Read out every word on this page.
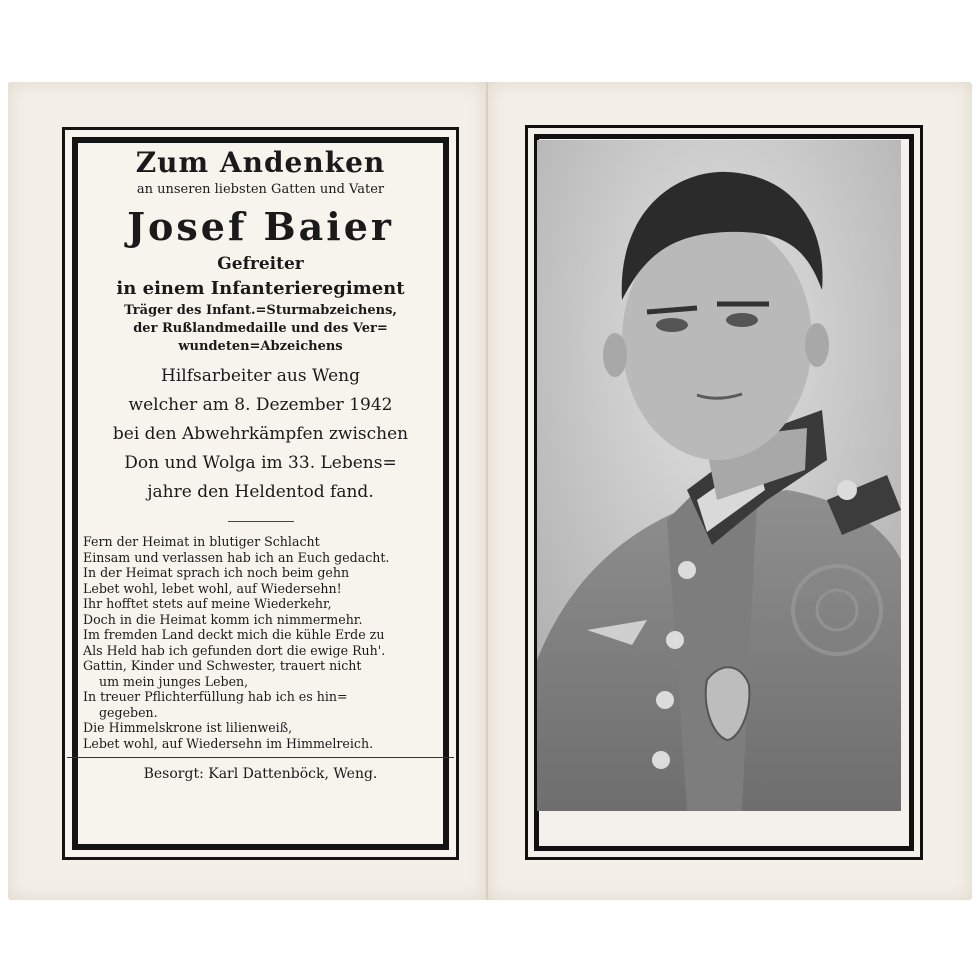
Zum Andenken

an unseren liebsten Gatten und Vater

Josef Baier

Gefreiter

in einem Infanterieregiment

Träger des Infant.=Sturmabzeichens,

der Rußlandmedaille und des Ver=

wundeten=Abzeichens

Hilfsarbeiter aus Weng

welcher am 8. Dezember 1942

bei den Abwehrkämpfen zwischen

Don und Wolga im 33. Lebens=

jahre den Heldentod fand.

Fern der Heimat in blutiger Schlacht
Einsam und verlassen hab ich an Euch gedacht.
In der Heimat sprach ich noch beim gehn
Lebet wohl, lebet wohl, auf Wiedersehn!
Ihr hofftet stets auf meine Wiederkehr,
Doch in die Heimat komm ich nimmermehr.
Im fremden Land deckt mich die kühle Erde zu
Als Held hab ich gefunden dort die ewige Ruh'.
Gattin, Kinder und Schwester, trauert nicht
um mein junges Leben,
In treuer Pflichterfüllung hab ich es hin=
gegeben.
Die Himmelskrone ist lilienweiß,
Lebet wohl, auf Wiedersehn im Himmelreich.

Besorgt: Karl Dattenböck, Weng.

ZENTRALE REICH
